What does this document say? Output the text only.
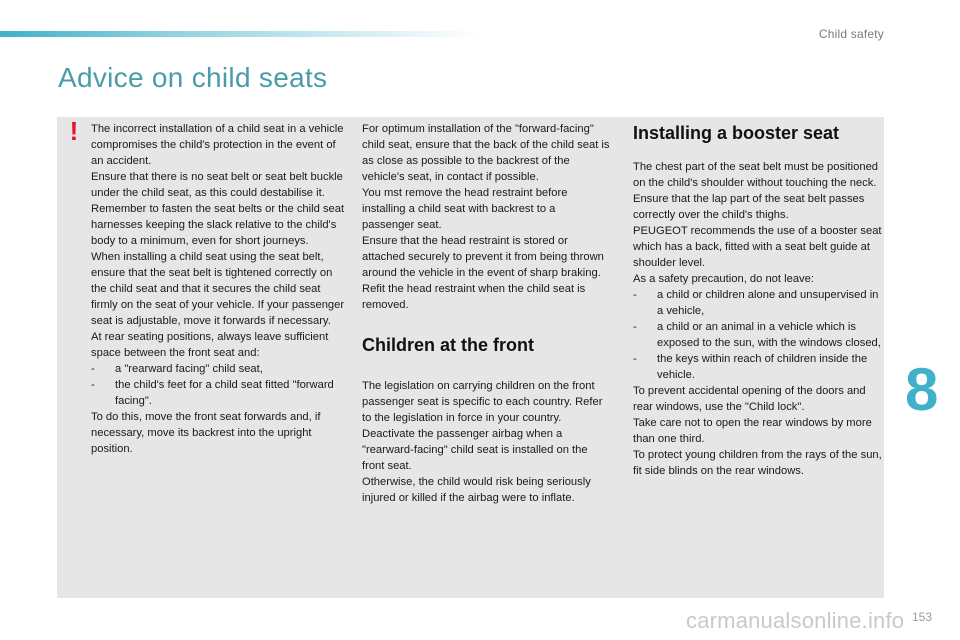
Child safety
Advice on child seats
! The incorrect installation of a child seat in a vehicle compromises the child's protection in the event of an accident.

Ensure that there is no seat belt or seat belt buckle under the child seat, as this could destabilise it.

Remember to fasten the seat belts or the child seat harnesses keeping the slack relative to the child's body to a minimum, even for short journeys.

When installing a child seat using the seat belt, ensure that the seat belt is tightened correctly on the child seat and that it secures the child seat firmly on the seat of your vehicle. If your passenger seat is adjustable, move it forwards if necessary.

At rear seating positions, always leave sufficient space between the front seat and:

-	a "rearward facing" child seat,
-	the child's feet for a child seat fitted "forward facing".

To do this, move the front seat forwards and, if necessary, move its backrest into the upright position.

For optimum installation of the "forward-facing" child seat, ensure that the back of the child seat is as close as possible to the backrest of the vehicle's seat, in contact if possible.

You mst remove the head restraint before installing a child seat with backrest to a passenger seat.

Ensure that the head restraint is stored or attached securely to prevent it from being thrown around the vehicle in the event of sharp braking. Refit the head restraint when the child seat is removed.

Children at the front

The legislation on carrying children on the front passenger seat is specific to each country. Refer to the legislation in force in your country.

Deactivate the passenger airbag when a "rearward-facing" child seat is installed on the front seat.

Otherwise, the child would risk being seriously injured or killed if the airbag were to inflate.

Installing a booster seat

The chest part of the seat belt must be positioned on the child's shoulder without touching the neck.

Ensure that the lap part of the seat belt passes correctly over the child's thighs.

PEUGEOT recommends the use of a booster seat which has a back, fitted with a seat belt guide at shoulder level.

As a safety precaution, do not leave:

-	a child or children alone and unsupervised in a vehicle,
-	a child or an animal in a vehicle which is exposed to the sun, with the windows closed,
-	the keys within reach of children inside the vehicle.

To prevent accidental opening of the doors and rear windows, use the "Child lock".

Take care not to open the rear windows by more than one third.

To protect young children from the rays of the sun, fit side blinds on the rear windows.

8
carmanualsonline.info 153
